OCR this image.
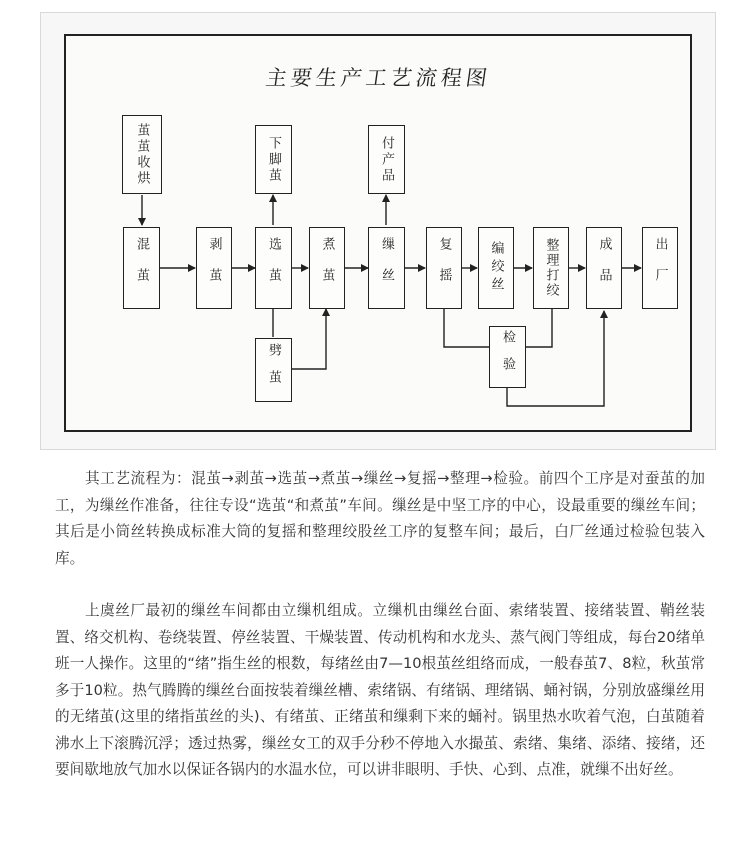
主要生产工艺流程图
茧茧收烘	下脚茧	付产品
混茧	剥茧	选茧	煮茧	缫丝	复摇	编绞丝	整理打绞	成品	出厂
劈茧	检验

其工艺流程为：混茧→剥茧→选茧→煮茧→缫丝→复摇→整理→检验。前四个工序是对蚕茧的加工，为缫丝作准备，往往专设“选茧“和煮茧”车间。缫丝是中坚工序的中心，设最重要的缫丝车间；其后是小筒丝转换成标准大筒的复摇和整理绞股丝工序的复整车间；最后，白厂丝通过检验包装入库。

上虞丝厂最初的缫丝车间都由立缫机组成。立缫机由缫丝台面、索绪装置、接绪装置、鞘丝装置、络交机构、卷绕装置、停丝装置、干燥装置、传动机构和水龙头、蒸气阀门等组成，每台20绪单班一人操作。这里的“绪”指生丝的根数，每绪丝由7—10根茧丝组络而成，一般春茧7、8粒，秋茧常多于10粒。热气腾腾的缫丝台面按装着缫丝槽、索绪锅、有绪锅、理绪锅、蛹衬锅，分别放盛缫丝用的无绪茧(这里的绪指茧丝的头)、有绪茧、正绪茧和缫剩下来的蛹衬。锅里热水吹着气泡，白茧随着沸水上下滚腾沉浮；透过热雾，缫丝女工的双手分秒不停地入水撮茧、索绪、集绪、添绪、接绪，还要间歇地放气加水以保证各锅内的水温水位，可以讲非眼明、手快、心到、点准，就缫不出好丝。
